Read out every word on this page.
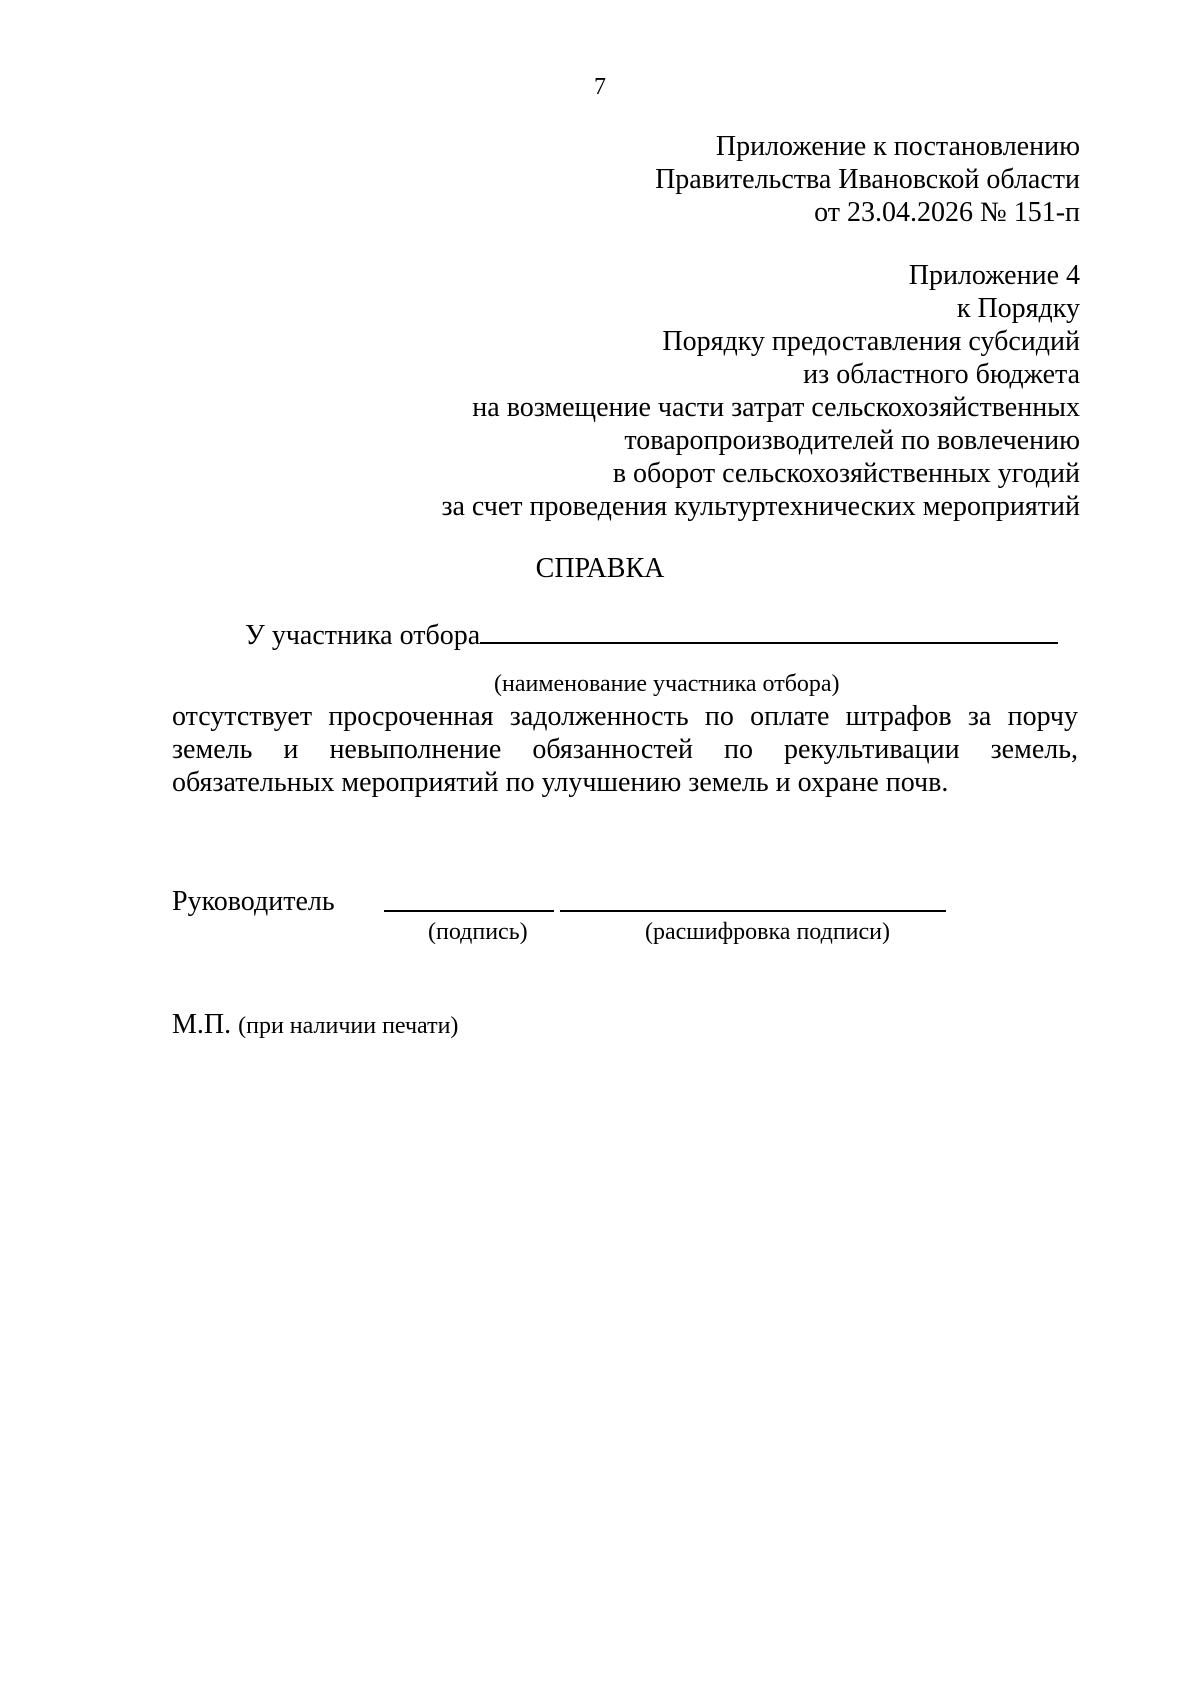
7
Приложение к постановлению
Правительства Ивановской области
от 23.04.2026 № 151-п
Приложение 4
к Порядку
Порядку предоставления субсидий
из областного бюджета
на возмещение части затрат сельскохозяйственных
товаропроизводителей по вовлечению
в оборот сельскохозяйственных угодий
за счет проведения культуртехнических мероприятий
СПРАВКА
У участника отбора
(наименование участника отбора)
отсутствует просроченная задолженность по оплате штрафов за порчу
земель и невыполнение обязанностей по рекультивации земель,
обязательных мероприятий по улучшению земель и охране почв.
Руководитель
(подпись)	(расшифровка подписи)
М.П. (при наличии печати)
